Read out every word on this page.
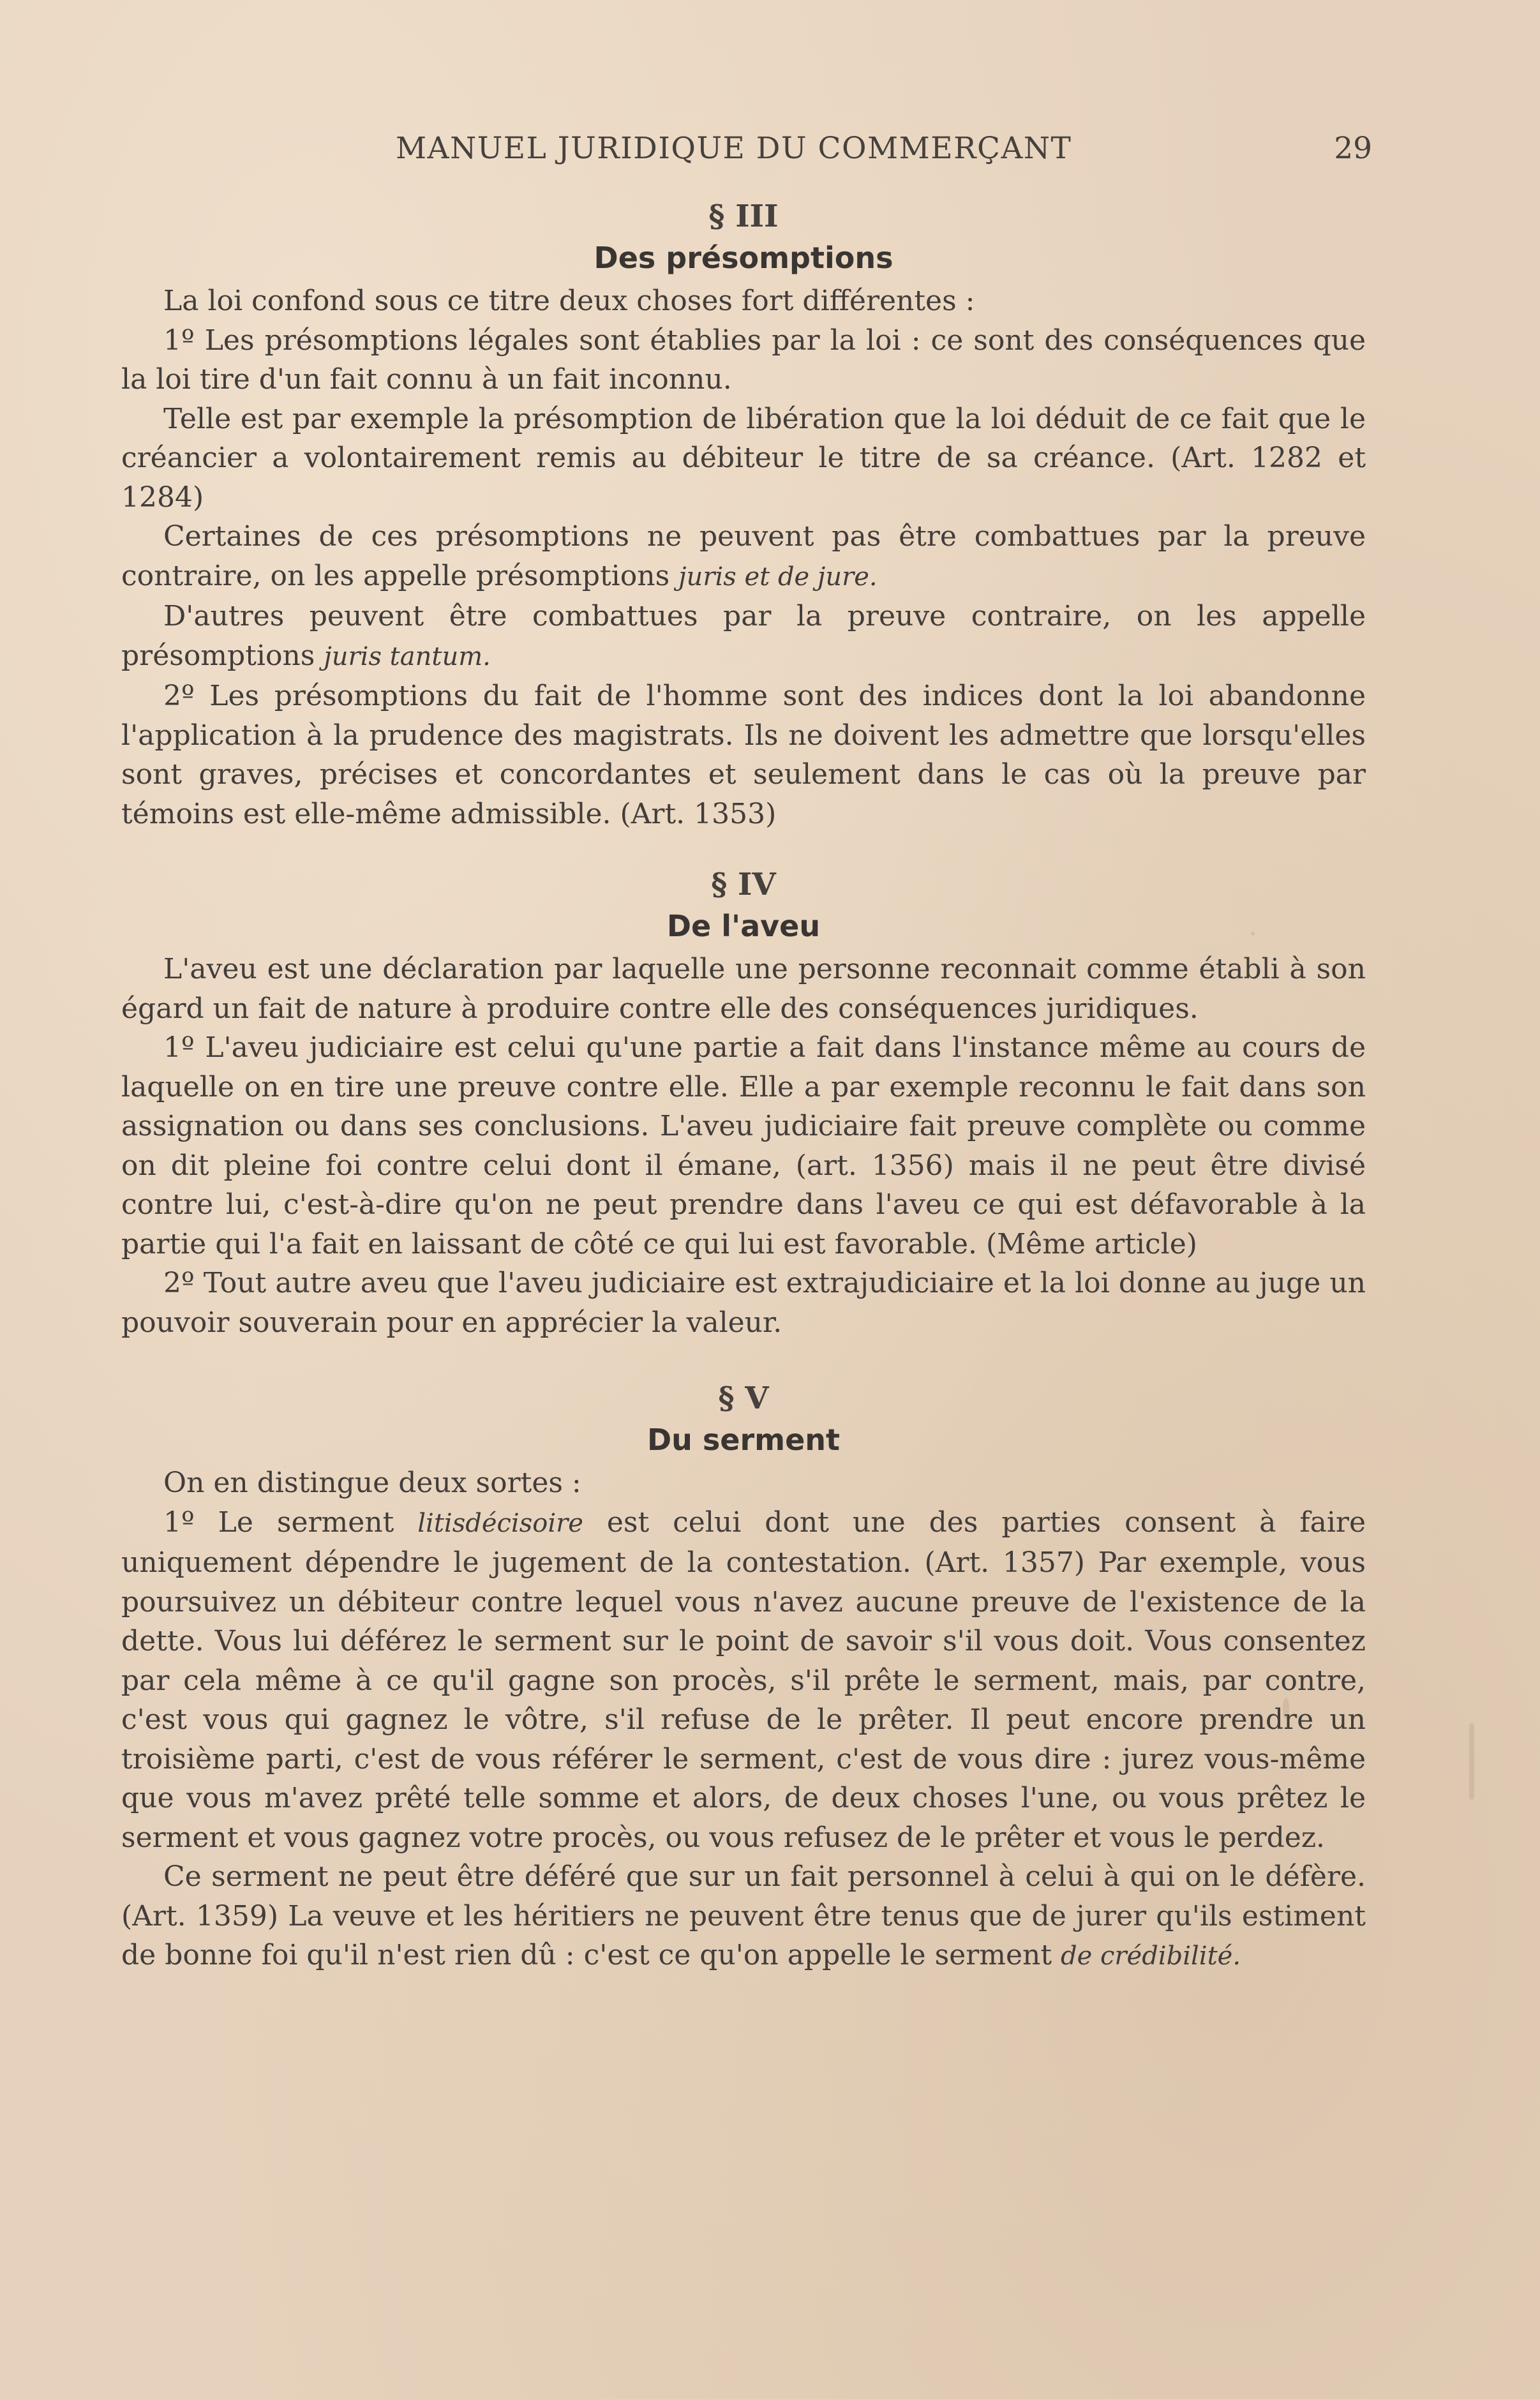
MANUEL JURIDIQUE DU COMMERÇANT	29
§ III
Des présomptions

La loi confond sous ce titre deux choses fort différentes :

1º Les présomptions légales sont établies par la loi : ce sont des conséquences que la loi tire d'un fait connu à un fait inconnu.

Telle est par exemple la présomption de libération que la loi déduit de ce fait que le créancier a volontairement remis au débiteur le titre de sa créance. (Art. 1282 et 1284)

Certaines de ces présomptions ne peuvent pas être combattues par la preuve contraire, on les appelle présomptions juris et de jure.

D'autres peuvent être combattues par la preuve contraire, on les appelle présomptions juris tantum.

2º Les présomptions du fait de l'homme sont des indices dont la loi abandonne l'application à la prudence des magistrats. Ils ne doivent les admettre que lorsqu'elles sont graves, précises et concordantes et seulement dans le cas où la preuve par témoins est elle-même admissible. (Art. 1353)

§ IV
De l'aveu

L'aveu est une déclaration par laquelle une personne reconnait comme établi à son égard un fait de nature à produire contre elle des conséquences juridiques.

1º L'aveu judiciaire est celui qu'une partie a fait dans l'instance même au cours de laquelle on en tire une preuve contre elle. Elle a par exemple reconnu le fait dans son assignation ou dans ses conclusions. L'aveu judiciaire fait preuve complète ou comme on dit pleine foi contre celui dont il émane, (art. 1356) mais il ne peut être divisé contre lui, c'est-à-dire qu'on ne peut prendre dans l'aveu ce qui est défavorable à la partie qui l'a fait en laissant de côté ce qui lui est favorable. (Même article)

2º Tout autre aveu que l'aveu judiciaire est extrajudiciaire et la loi donne au juge un pouvoir souverain pour en apprécier la valeur.

§ V
Du serment

On en distingue deux sortes :

1º Le serment litisdécisoire est celui dont une des parties consent à faire uniquement dépendre le jugement de la contestation. (Art. 1357) Par exemple, vous poursuivez un débiteur contre lequel vous n'avez aucune preuve de l'existence de la dette. Vous lui déférez le serment sur le point de savoir s'il vous doit. Vous consentez par cela même à ce qu'il gagne son procès, s'il prête le serment, mais, par contre, c'est vous qui gagnez le vôtre, s'il refuse de le prêter. Il peut encore prendre un troisième parti, c'est de vous référer le serment, c'est de vous dire : jurez vous-même que vous m'avez prêté telle somme et alors, de deux choses l'une, ou vous prêtez le serment et vous gagnez votre procès, ou vous refusez de le prêter et vous le perdez.

Ce serment ne peut être déféré que sur un fait personnel à celui à qui on le défère. (Art. 1359) La veuve et les héritiers ne peuvent être tenus que de jurer qu'ils estiment de bonne foi qu'il n'est rien dû : c'est ce qu'on appelle le serment de crédibilité.
